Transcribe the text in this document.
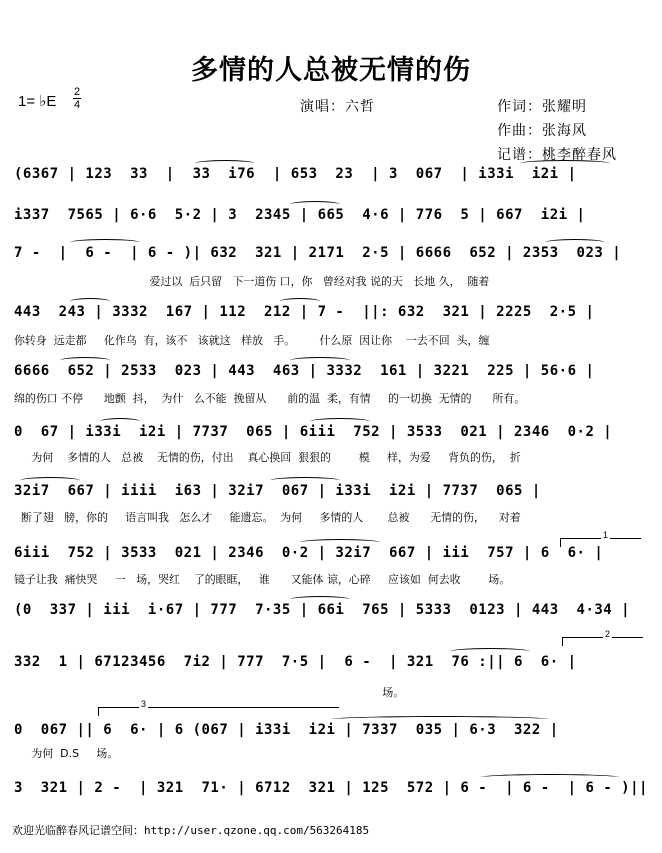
多情的人总被无情的伤
1= ♭E
2
4	演唱：六哲	作词：张耀明
作曲：张海风
记谱：桃李醉春风
(6367 | 123  33  |  33  i76  | 653  23  | 3  067  | i33i  i2i |
i337  7565 | 6·6  5·2 | 3  2345 | 665  4·6 | 776  5 | 667  i2i |
7 -  |  6 -  | 6 - )| 632  321 | 2171  2·5 | 6666  652 | 2353  023 |
爱过以  后只留   下一道伤 口，你   曾经对我 说的天   长地 久，  随着
443  243 | 3332  167 | 112  212 | 7 -  ||: 632  321 | 2225  2·5 |
你转身  远走都     化作乌  有，该不   该就这   样放   手。       什么原  因让你    一去不回  头，缠
6666  652 | 2533  023 | 443  463 | 3332  161 | 3221  225 | 56·6 |
绵的伤口 不停      地颤  抖，  为什   么不能  挽留从      前的温  柔，有情     的一切换  无情的      所有。
0  67 | i33i  i2i | 7737  065 | 6iii  752 | 3533  021 | 2346  0·2 |
为何    多情的人   总被    无情的伤，付出    真心换回  狠狠的        模     样，为爱     背负的伤，  折
32i7  667 | iiii  i63 | 32i7  067 | i33i  i2i | 7737  065 |
断了翅   膀，你的     语言叫我   怎么才     能遗忘。  为何     多情的人       总被      无情的伤，    对着
6iii  752 | 3533  021 | 2346  0·2 | 32i7  667 | iii  757 | 6  6· |
镜子让我  痛快哭     一   场，哭红    了的眼眶，   谁      又能体 谅，心碎     应该如  何去收        场。
(0  337 | iii  i·67 | 777  7·35 | 66i  765 | 5333  0123 | 443  4·34 |
332  1 | 67123456  7i2 | 777  7·5 |  6 -  | 321  76 :|| 6  6· |
场。
0  067 || 6  6· | 6 (067 | i33i  i2i | 7337  035 | 6·3  322 |
为何  D.S     场。
3  321 | 2 -  | 321  71· | 6712  321 | 125  572 | 6 -  | 6 -  | 6 - )||
1
2
3
欢迎光临醉春风记谱空间：http://user.qzone.qq.com/563264185
